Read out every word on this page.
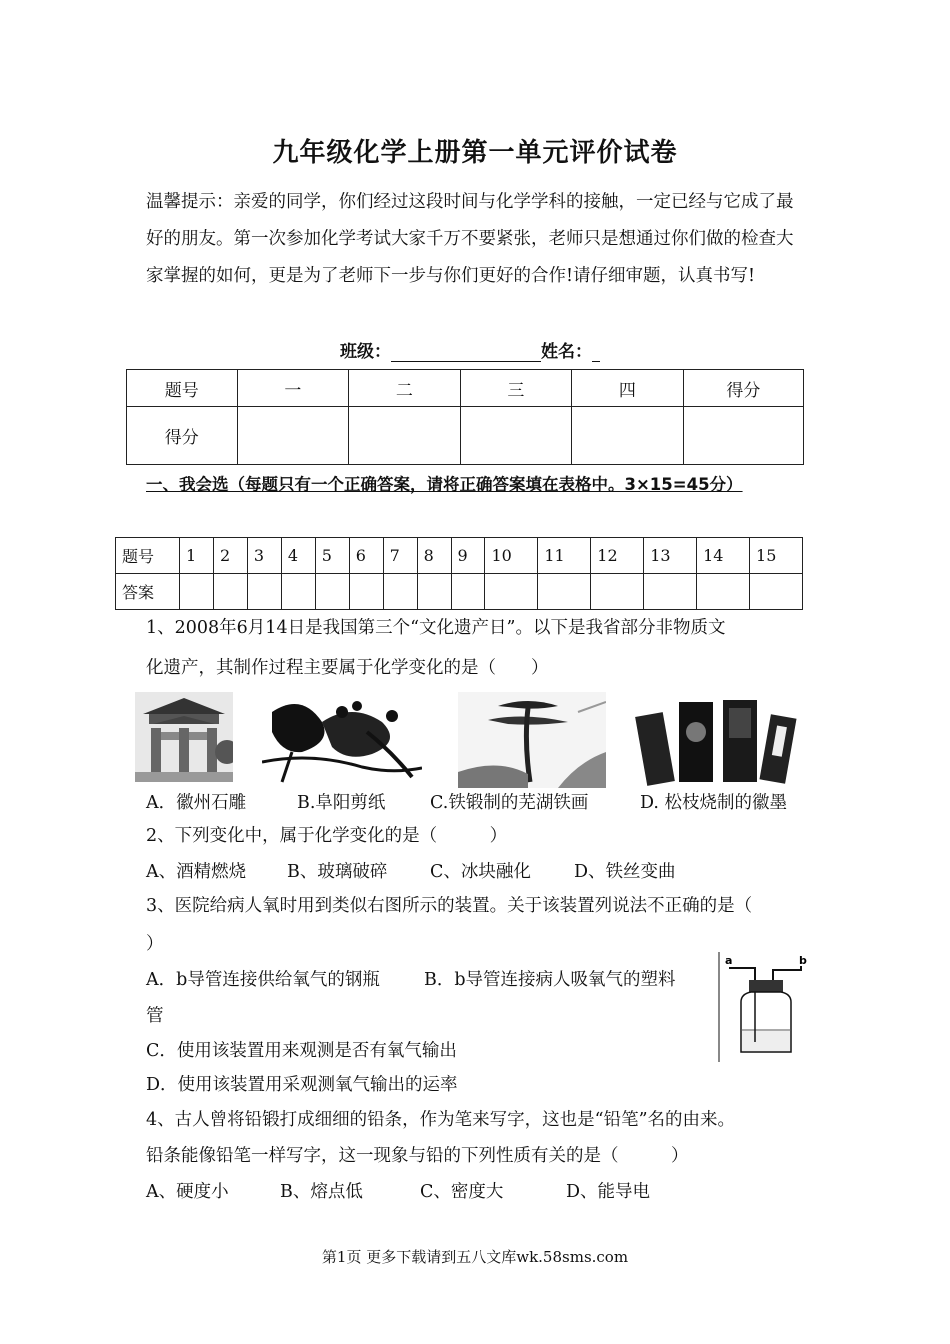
九年级化学上册第一单元评价试卷
温馨提示：亲爱的同学，你们经过这段时间与化学学科的接触，一定已经与它成了最好的朋友。第一次参加化学考试大家千万不要紧张，老师只是想通过你们做的检查大家掌握的如何，更是为了老师下一步与你们更好的合作!请仔细审题，认真书写!
班级：	姓名：
题号	一	二	三	四	得分
得分					
一、我会选（每题只有一个正确答案，请将正确答案填在表格中。3×15=45分）
题号	1	2	3	4	5	6	7	8	9	10	11	12	13	14	15
答案															
1、2008年6月14日是我国第三个“文化遗产日”。以下是我省部分非物质文
化遗产，其制作过程主要属于化学变化的是（　　）
A．徽州石雕	B.阜阳剪纸	C.铁锻制的芜湖铁画	D. 松枝烧制的徽墨
2、下列变化中，属于化学变化的是（　　　）
A、酒精燃烧 B、玻璃破碎 C、冰块融化 D、铁丝变曲
3、医院给病人氧时用到类似右图所示的装置。关于该装置列说法不正确的是（
）
A．b导管连接供给氧气的钢瓶	B．b导管连接病人吸氧气的塑料
管
C．使用该装置用来观测是否有氧气输出
D．使用该装置用采观测氧气输出的运率
a	b
4、古人曾将铅锻打成细细的铅条，作为笔来写字，这也是“铅笔”名的由来。
铅条能像铅笔一样写字，这一现象与铅的下列性质有关的是（　　　）
A、硬度小	B、熔点低	C、密度大	D、能导电
第1页 更多下载请到五八文库wk.58sms.com
